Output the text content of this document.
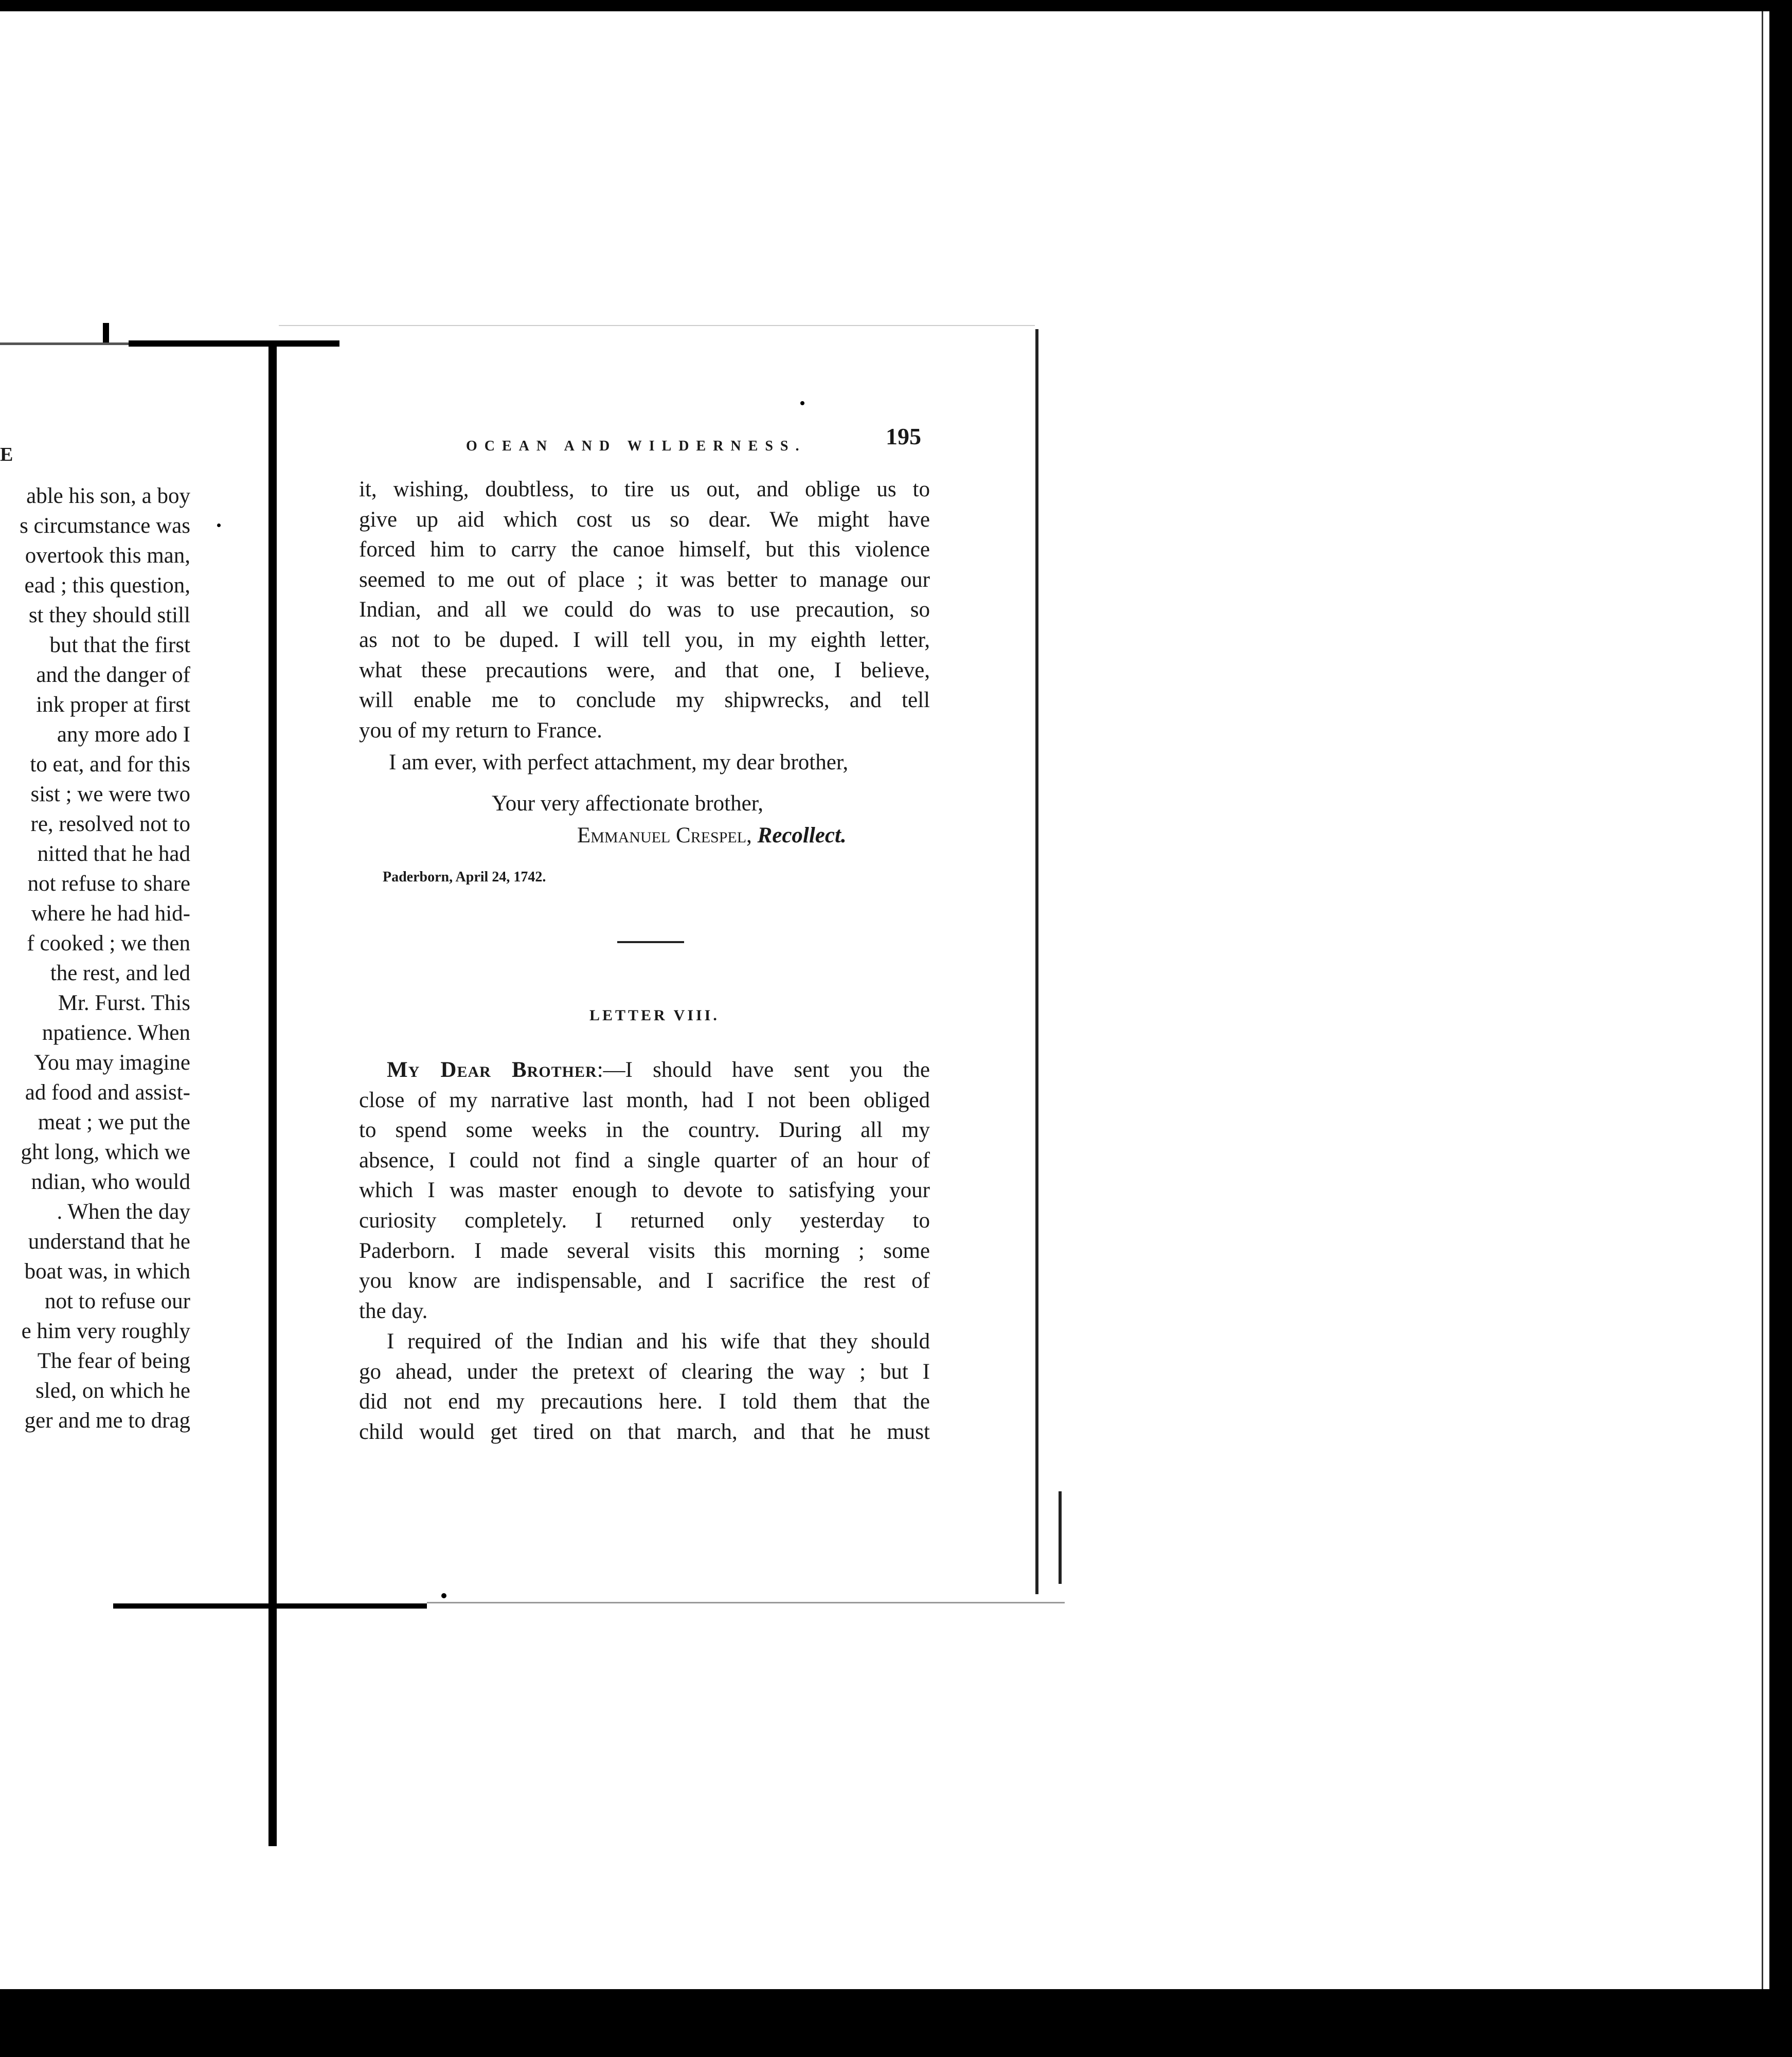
E
able his son, a boy
s circumstance was
overtook this man,
ead ; this question,
st they should still
but that the first
and the danger of
ink proper at first
any more ado I
to eat, and for this
sist ; we were two
re, resolved not to
nitted that he had
not refuse to share
where he had hid-
f cooked ; we then
the rest, and led
Mr. Furst. This
npatience. When
You may imagine
ad food and assist-
meat ; we put the
ght long, which we
ndian, who would
. When the day
understand that he
boat was, in which
not to refuse our
e him very roughly
The fear of being
sled, on which he
ger and me to drag
OCEAN AND WILDERNESS.	195
it, wishing, doubtless, to tire us out, and oblige us to
give up aid which cost us so dear. We might have
forced him to carry the canoe himself, but this violence
seemed to me out of place ; it was better to manage our
Indian, and all we could do was to use precaution, so
as not to be duped. I will tell you, in my eighth letter,
what these precautions were, and that one, I believe,
will enable me to conclude my shipwrecks, and tell
you of my return to France.
I am ever, with perfect attachment, my dear brother,
Your very affectionate brother,
Emmanuel Crespel, Recollect.
Paderborn, April 24, 1742.
LETTER VIII.
My Dear Brother:—I should have sent you the
close of my narrative last month, had I not been obliged
to spend some weeks in the country. During all my
absence, I could not find a single quarter of an hour of
which I was master enough to devote to satisfying your
curiosity completely. I returned only yesterday to
Paderborn. I made several visits this morning ; some
you know are indispensable, and I sacrifice the rest of
the day.
I required of the Indian and his wife that they should
go ahead, under the pretext of clearing the way ; but I
did not end my precautions here. I told them that the
child would get tired on that march, and that he must
